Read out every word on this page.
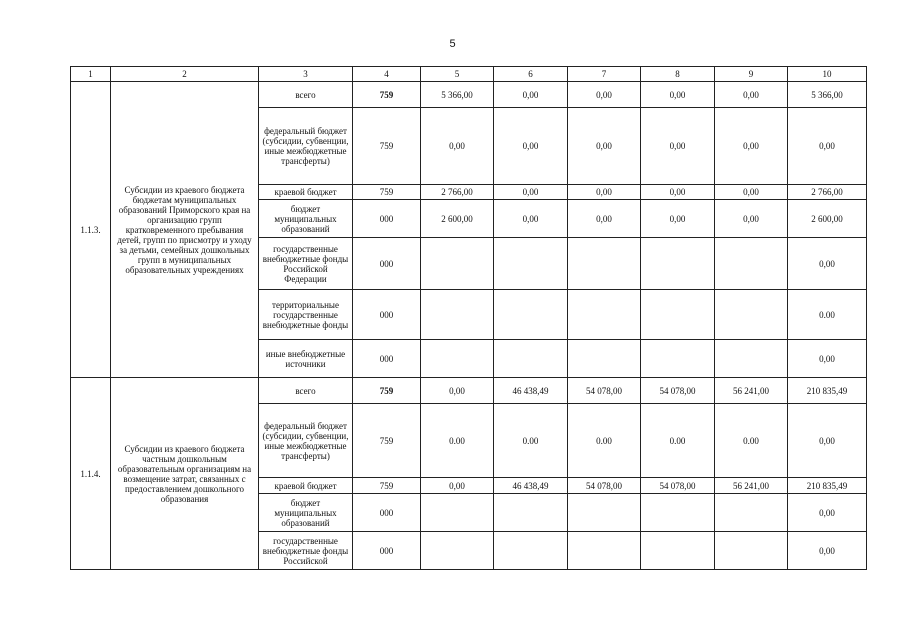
5
1	2	3	4	5	6	7	8	9	10
1.1.3.	Субсидии из краевого бюджета бюджетам муниципальных образований Приморского края на организацию групп кратковременного пребывания детей, групп по присмотру и уходу за детьми, семейных дошкольных групп в муниципальных образовательных учреждениях	всего	759	5 366,00	0,00	0,00	0,00	0,00	5 366,00
		федеральный бюджет (субсидии, субвенции, иные межбюджетные трансферты)	759	0,00	0,00	0,00	0,00	0,00	0,00
		краевой бюджет	759	2 766,00	0,00	0,00	0,00	0,00	2 766,00
		бюджет муниципальных образований	000	2 600,00	0,00	0,00	0,00	0,00	2 600,00
		государственные внебюджетные фонды Российской Федерации	000						0,00
		территориальные государственные внебюджетные фонды	000						0.00
		иные внебюджетные источники	000						0,00
1.1.4.	Субсидии из краевого бюджета частным дошкольным образовательным организациям на возмещение затрат, связанных с предоставлением дошкольного образования	всего	759	0,00	46 438,49	54 078,00	54 078,00	56 241,00	210 835,49
		федеральный бюджет (субсидии, субвенции, иные межбюджетные трансферты)	759	0.00	0.00	0.00	0.00	0.00	0,00
		краевой бюджет	759	0,00	46 438,49	54 078,00	54 078,00	56 241,00	210 835,49
		бюджет муниципальных образований	000						0,00
		государственные внебюджетные фонды Российской	000						0,00
